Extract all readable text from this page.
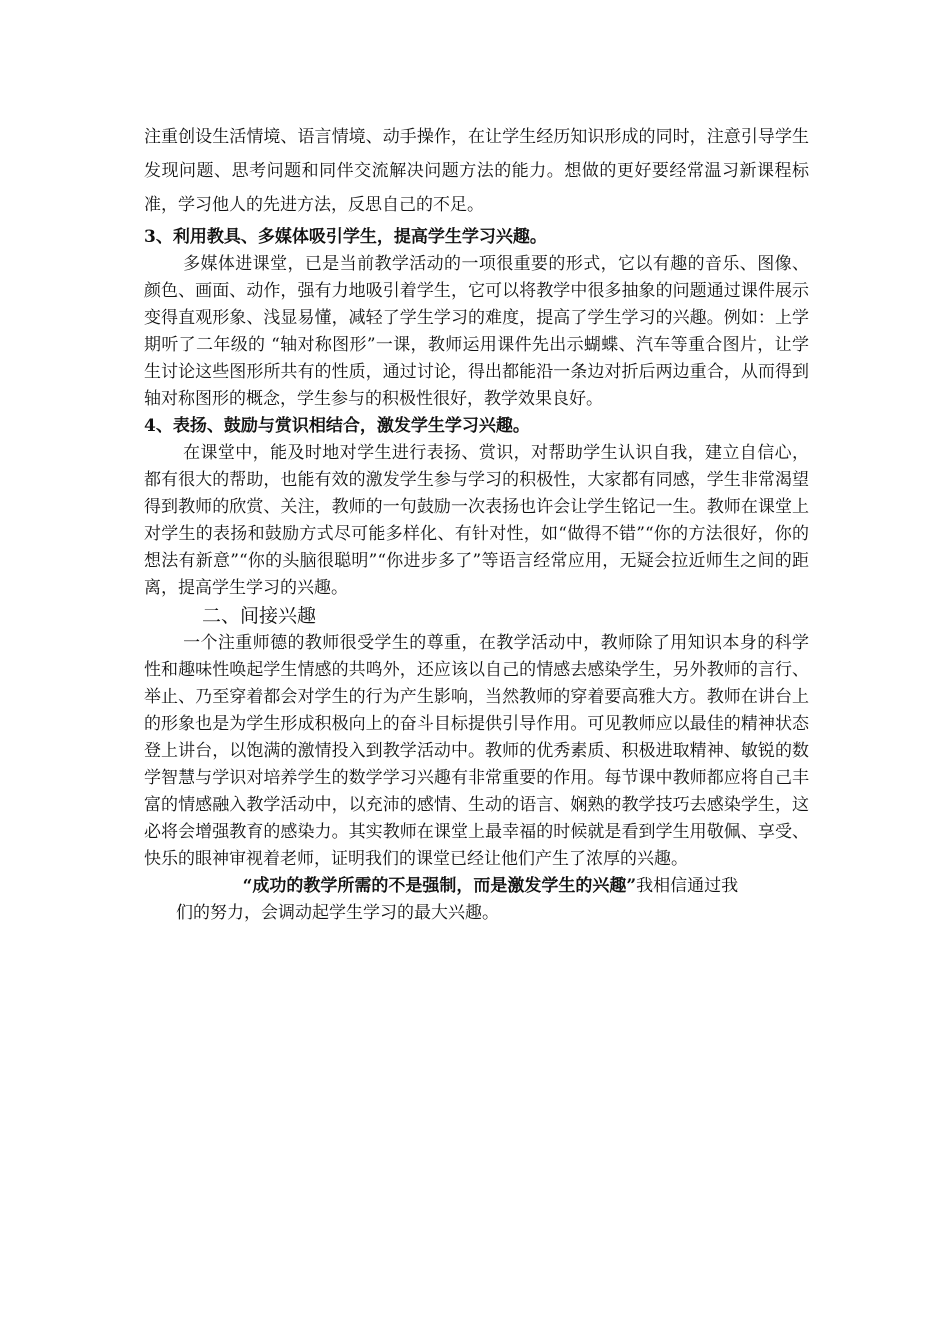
注重创设生活情境、语言情境、动手操作，在让学生经历知识形成的同时，注意引导学生发现问题、思考问题和同伴交流解决问题方法的能力。想做的更好要经常温习新课程标准，学习他人的先进方法，反思自己的不足。

3、利用教具、多媒体吸引学生，提高学生学习兴趣。

多媒体进课堂，已是当前教学活动的一项很重要的形式，它以有趣的音乐、图像、颜色、画面、动作，强有力地吸引着学生，它可以将教学中很多抽象的问题通过课件展示变得直观形象、浅显易懂，减轻了学生学习的难度，提高了学生学习的兴趣。例如：上学期听了二年级的 “轴对称图形”一课，教师运用课件先出示蝴蝶、汽车等重合图片，让学生讨论这些图形所共有的性质，通过讨论，得出都能沿一条边对折后两边重合，从而得到轴对称图形的概念，学生参与的积极性很好，教学效果良好。

4、表扬、鼓励与赏识相结合，激发学生学习兴趣。

在课堂中，能及时地对学生进行表扬、赏识，对帮助学生认识自我，建立自信心，都有很大的帮助，也能有效的激发学生参与学习的积极性，大家都有同感，学生非常渴望得到教师的欣赏、关注，教师的一句鼓励一次表扬也许会让学生铭记一生。教师在课堂上对学生的表扬和鼓励方式尽可能多样化、有针对性，如“做得不错”“你的方法很好，你的想法有新意”“你的头脑很聪明”“你进步多了”等语言经常应用，无疑会拉近师生之间的距离，提高学生学习的兴趣。

二、间接兴趣

一个注重师德的教师很受学生的尊重，在教学活动中，教师除了用知识本身的科学性和趣味性唤起学生情感的共鸣外，还应该以自己的情感去感染学生，另外教师的言行、举止、乃至穿着都会对学生的行为产生影响，当然教师的穿着要高雅大方。教师在讲台上的形象也是为学生形成积极向上的奋斗目标提供引导作用。可见教师应以最佳的精神状态登上讲台，以饱满的激情投入到教学活动中。教师的优秀素质、积极进取精神、敏锐的数学智慧与学识对培养学生的数学学习兴趣有非常重要的作用。每节课中教师都应将自己丰富的情感融入教学活动中，以充沛的感情、生动的语言、娴熟的教学技巧去感染学生，这必将会增强教育的感染力。其实教师在课堂上最幸福的时候就是看到学生用敬佩、享受、快乐的眼神审视着老师，证明我们的课堂已经让他们产生了浓厚的兴趣。

“成功的教学所需的不是强制，而是激发学生的兴趣”我相信通过我

们的努力，会调动起学生学习的最大兴趣。
